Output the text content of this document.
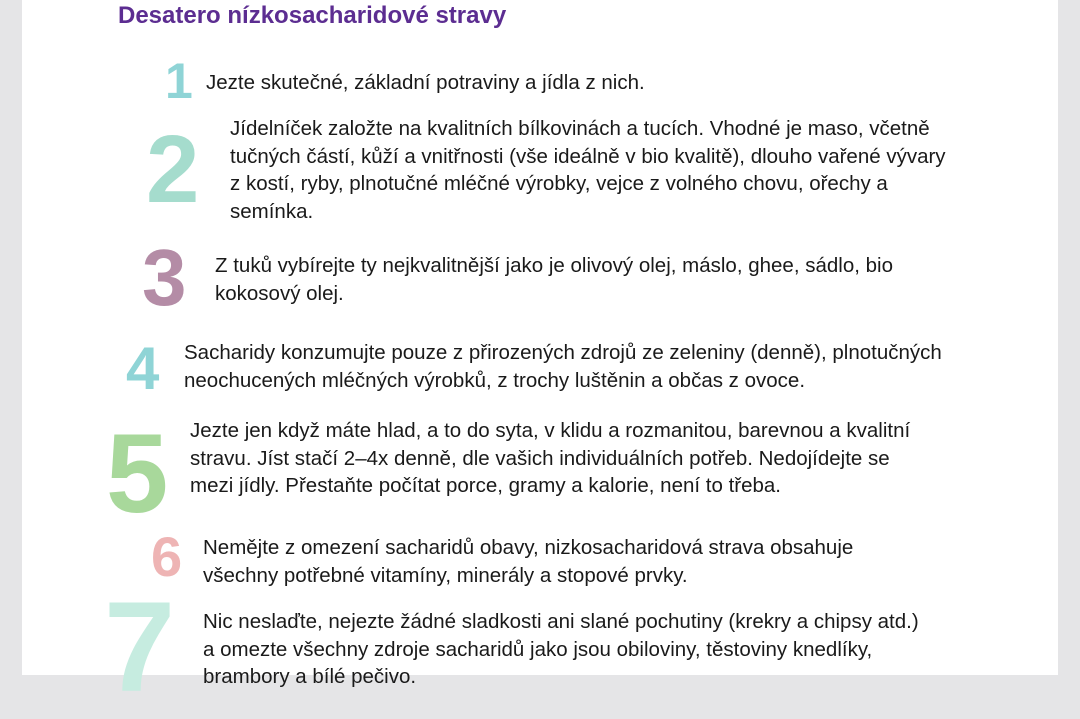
Desatero nízkosacharidové stravy
1 Jezte skutečné, základní potraviny a jídla z nich.

2 Jídelníček založte na kvalitních bílkovinách a tucích. Vhodné je maso, včetně tučných částí, kůží a vnitřnosti (vše ideálně v bio kvalitě), dlouho vařené vývary z kostí, ryby, plnotučné mléčné výrobky, vejce z volného chovu, ořechy a semínka.

3 Z tuků vybírejte ty nejkvalitnější jako je olivový olej, máslo, ghee, sádlo, bio kokosový olej.

4 Sacharidy konzumujte pouze z přirozených zdrojů ze zeleniny (denně), plnotučných neochucených mléčných výrobků, z trochy luštěnin a občas z ovoce.

5 Jezte jen když máte hlad, a to do syta, v klidu a rozmanitou, barevnou a kvalitní stravu. Jíst stačí 2–4x denně, dle vašich individuálních potřeb. Nedojídejte se mezi jídly. Přestaňte počítat porce, gramy a kalorie, není to třeba.

6 Nemějte z omezení sacharidů obavy, nizkosacharidová strava obsahuje všechny potřebné vitamíny, minerály a stopové prvky.

7 Nic neslaďte, nejezte žádné sladkosti ani slané pochutiny (krekry a chipsy atd.) a omezte všechny zdroje sacharidů jako jsou obiloviny, těstoviny knedlíky, brambory a bílé pečivo.
